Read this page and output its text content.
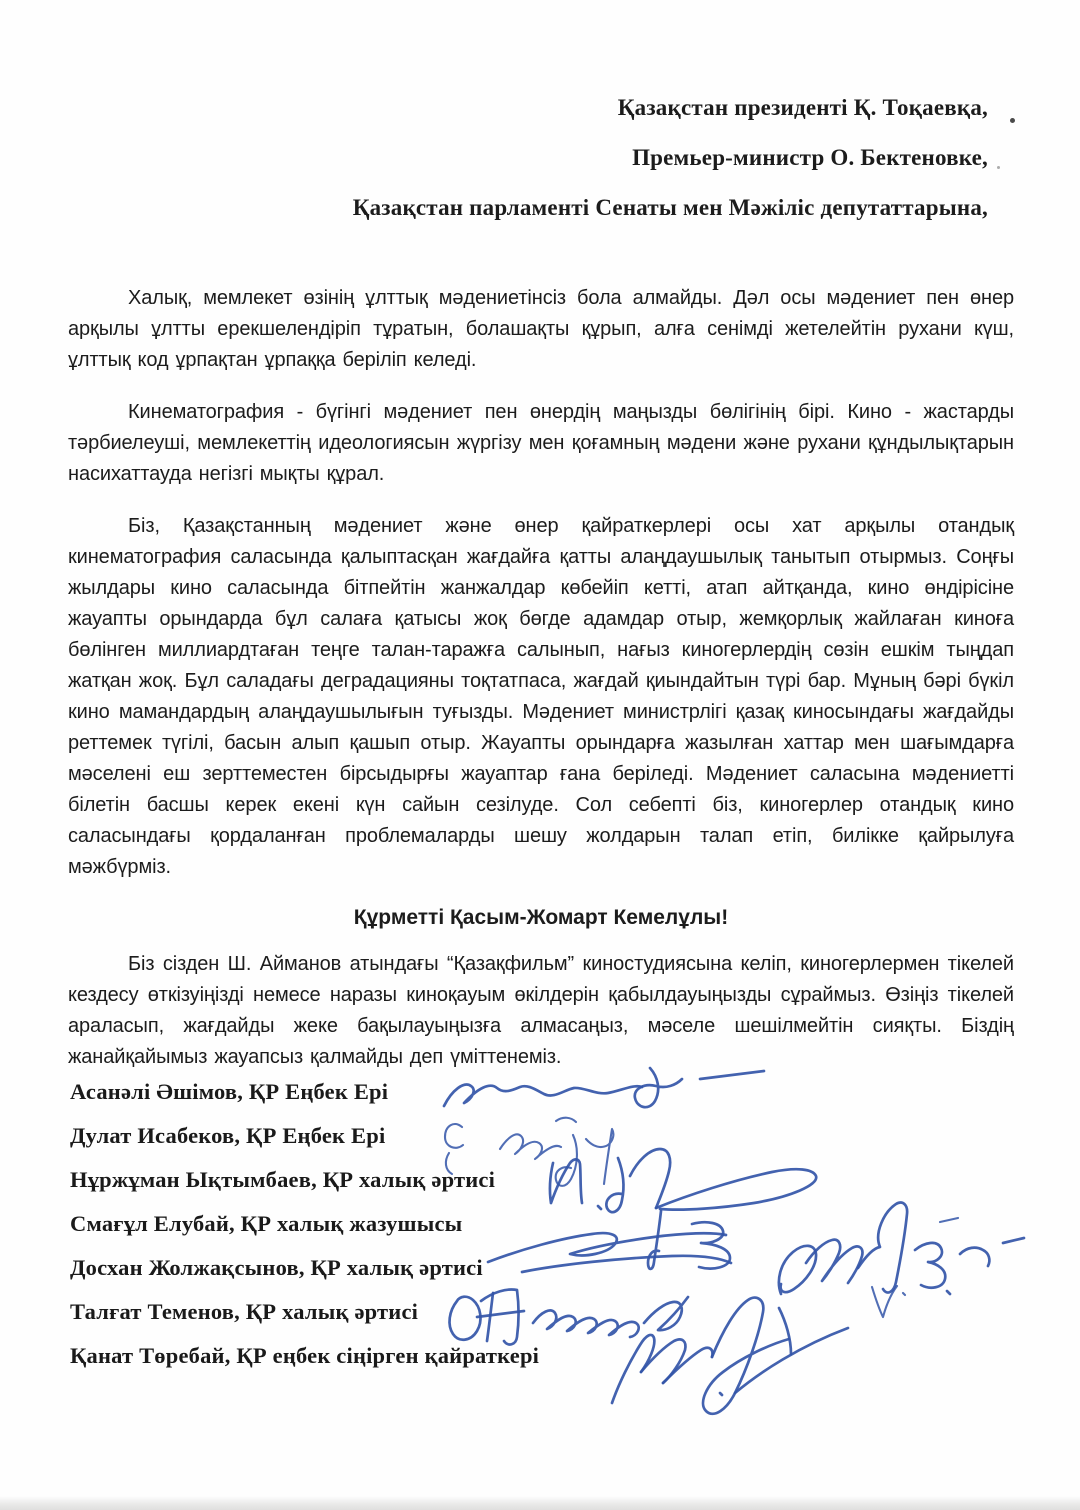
Қазақстан президенті Қ. Тоқаевқа,

Премьер-министр О. Бектеновке,

Қазақстан парламенті Сенаты мен Мәжіліс депутаттарына,

Халық, мемлекет өзінің ұлттық мәдениетінсіз бола алмайды. Дәл осы мәдениет пен өнер арқылы ұлтты ерекшелендіріп тұратын, болашақты құрып, алға сенімді жетелейтін рухани күш, ұлттық код ұрпақтан ұрпаққа беріліп келеді.

Кинематография - бүгінгі мәдениет пен өнердің маңызды бөлігінің бірі. Кино - жастарды тәрбиелеуші, мемлекеттің идеологиясын жүргізу мен қоғамның мәдени және рухани құндылықтарын насихаттауда негізгі мықты құрал.

Біз, Қазақстанның мәдениет және өнер қайраткерлері осы хат арқылы отандық кинематография саласында қалыптасқан жағдайға қатты алаңдаушылық танытып отырмыз. Соңғы жылдары кино саласында бітпейтін жанжалдар көбейіп кетті, атап айтқанда, кино өндірісіне жауапты орындарда бұл салаға қатысы жоқ бөгде адамдар отыр, жемқорлық жайлаған киноға бөлінген миллиардтаған теңге талан-таражға салынып, нағыз киногерлердің сөзін ешкім тыңдап жатқан жоқ. Бұл саладағы деградацияны тоқтатпаса, жағдай қиындайтын түрі бар. Мұның бәрі бүкіл кино мамандардың алаңдаушылығын туғызды. Мәдениет министрлігі қазақ киносындағы жағдайды реттемек түгілі, басын алып қашып отыр. Жауапты орындарға жазылған хаттар мен шағымдарға мәселені еш зерттеместен бірсыдырғы жауаптар ғана беріледі. Мәдениет саласына мәдениетті білетін басшы керек екені күн сайын сезілуде. Сол себепті біз, киногерлер отандық кино саласындағы қордаланған проблемаларды шешу жолдарын талап етіп, билікке қайрылуға мәжбүрміз.

Құрметті Қасым-Жомарт Кемелұлы!

Біз сізден Ш. Айманов атындағы “Қазақфильм” киностудиясына келіп, киногерлермен тікелей кездесу өткізуіңізді немесе наразы киноқауым өкілдерін қабылдауыңызды сұраймыз. Өзіңіз тікелей араласып, жағдайды жеке бақылауыңызға алмасаңыз, мәселе шешілмейтін сияқты. Біздің жанайқайымыз жауапсыз қалмайды деп үміттенеміз.

Асанәлі Әшімов, ҚР Еңбек Ері

Дулат Исабеков, ҚР Еңбек Ері

Нұржұман Ықтымбаев, ҚР халық әртисі

Смағұл Елубай, ҚР халық жазушысы

Досхан Жолжақсынов, ҚР халық әртисі

Талғат Теменов, ҚР халық әртисі

Қанат Төребай, ҚР еңбек сіңірген қайраткері
